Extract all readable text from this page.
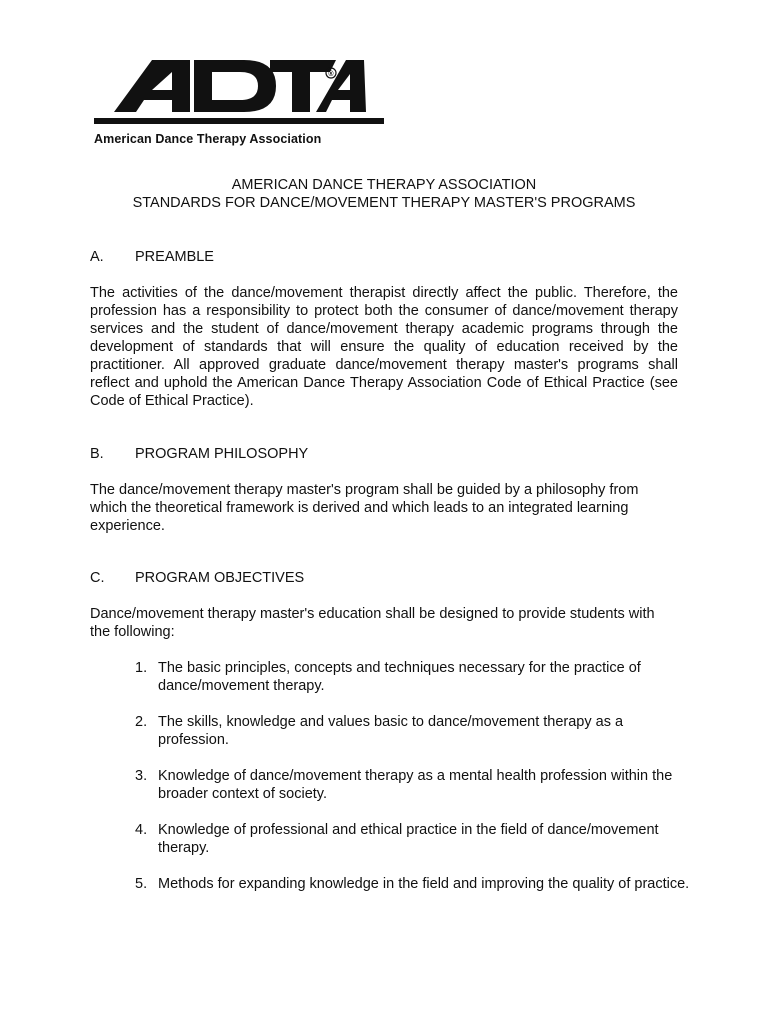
®
American Dance Therapy Association
AMERICAN DANCE THERAPY ASSOCIATION
STANDARDS FOR DANCE/MOVEMENT THERAPY MASTER'S PROGRAMS
A. PREAMBLE
The activities of the dance/movement therapist directly affect the public. Therefore, the profession has a responsibility to protect both the consumer of dance/movement therapy services and the student of dance/movement therapy academic programs through the development of standards that will ensure the quality of education received by the practitioner. All approved graduate dance/movement therapy master's programs shall reflect and uphold the American Dance Therapy Association Code of Ethical Practice (see Code of Ethical Practice).
B. PROGRAM PHILOSOPHY
The dance/movement therapy master's program shall be guided by a philosophy from which the theoretical framework is derived and which leads to an integrated learning experience.
C. PROGRAM OBJECTIVES
Dance/movement therapy master's education shall be designed to provide students with the following:
1. The basic principles, concepts and techniques necessary for the practice of dance/movement therapy.
2. The skills, knowledge and values basic to dance/movement therapy as a profession.
3. Knowledge of dance/movement therapy as a mental health profession within the broader context of society.
4. Knowledge of professional and ethical practice in the field of dance/movement therapy.
5. Methods for expanding knowledge in the field and improving the quality of practice.
